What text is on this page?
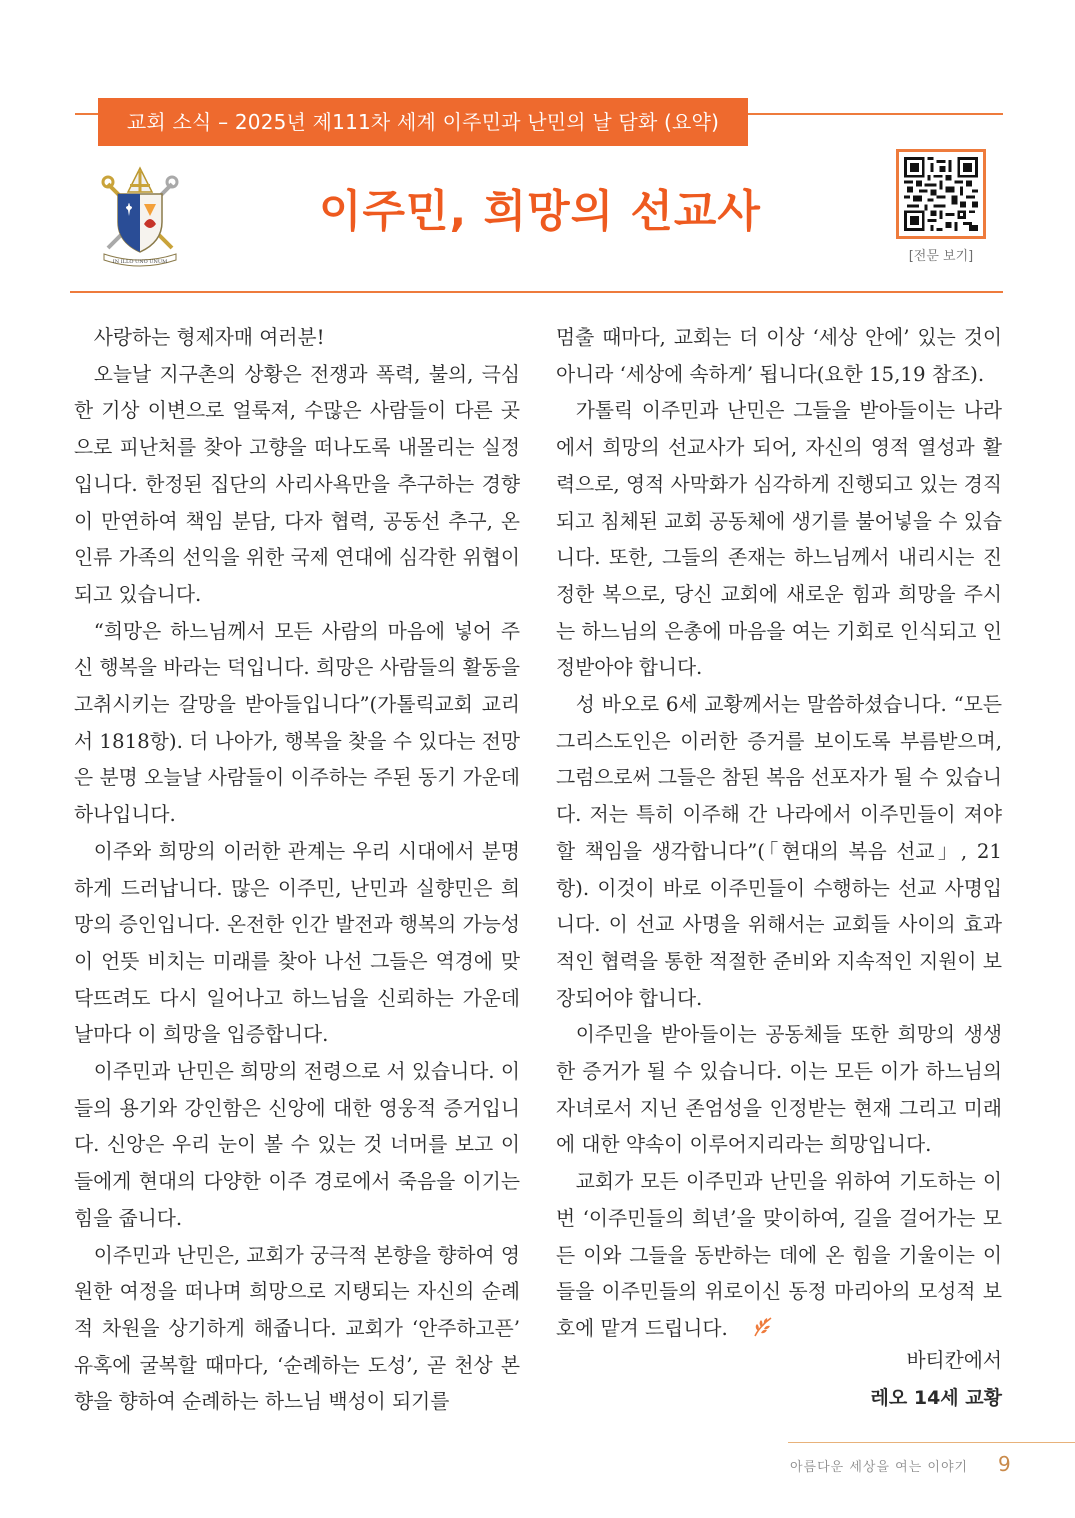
교회 소식 – 2025년 제111차 세계 이주민과 난민의 날 담화 (요약)
IN ILLO UNO UNUM
이주민, 희망의 선교사
[전문 보기]

사랑하는 형제자매 여러분!

오늘날 지구촌의 상황은 전쟁과 폭력, 불의, 극심한 기상 이변으로 얼룩져, 수많은 사람들이 다른 곳으로 피난처를 찾아 고향을 떠나도록 내몰리는 실정입니다. 한정된 집단의 사리사욕만을 추구하는 경향이 만연하여 책임 분담, 다자 협력, 공동선 추구, 온 인류 가족의 선익을 위한 국제 연대에 심각한 위협이 되고 있습니다.

“희망은 하느님께서 모든 사람의 마음에 넣어 주신 행복을 바라는 덕입니다. 희망은 사람들의 활동을 고취시키는 갈망을 받아들입니다”(가톨릭교회 교리서 1818항). 더 나아가, 행복을 찾을 수 있다는 전망은 분명 오늘날 사람들이 이주하는 주된 동기 가운데 하나입니다.

이주와 희망의 이러한 관계는 우리 시대에서 분명하게 드러납니다. 많은 이주민, 난민과 실향민은 희망의 증인입니다. 온전한 인간 발전과 행복의 가능성이 언뜻 비치는 미래를 찾아 나선 그들은 역경에 맞닥뜨려도 다시 일어나고 하느님을 신뢰하는 가운데 날마다 이 희망을 입증합니다.

이주민과 난민은 희망의 전령으로 서 있습니다. 이들의 용기와 강인함은 신앙에 대한 영웅적 증거입니다. 신앙은 우리 눈이 볼 수 있는 것 너머를 보고 이들에게 현대의 다양한 이주 경로에서 죽음을 이기는 힘을 줍니다.

이주민과 난민은, 교회가 궁극적 본향을 향하여 영원한 여정을 떠나며 희망으로 지탱되는 자신의 순례적 차원을 상기하게 해줍니다. 교회가 ‘안주하고픈’ 유혹에 굴복할 때마다, ‘순례하는 도성’, 곧 천상 본향을 향하여 순례하는 하느님 백성이 되기를

멈출 때마다, 교회는 더 이상 ‘세상 안에’ 있는 것이 아니라 ‘세상에 속하게’ 됩니다(요한 15,19 참조).

가톨릭 이주민과 난민은 그들을 받아들이는 나라에서 희망의 선교사가 되어, 자신의 영적 열성과 활력으로, 영적 사막화가 심각하게 진행되고 있는 경직되고 침체된 교회 공동체에 생기를 불어넣을 수 있습니다. 또한, 그들의 존재는 하느님께서 내리시는 진정한 복으로, 당신 교회에 새로운 힘과 희망을 주시는 하느님의 은총에 마음을 여는 기회로 인식되고 인정받아야 합니다.

성 바오로 6세 교황께서는 말씀하셨습니다. “모든 그리스도인은 이러한 증거를 보이도록 부름받으며, 그럼으로써 그들은 참된 복음 선포자가 될 수 있습니다. 저는 특히 이주해 간 나라에서 이주민들이 져야 할 책임을 생각합니다”(「현대의 복음 선교」, 21항). 이것이 바로 이주민들이 수행하는 선교 사명입니다. 이 선교 사명을 위해서는 교회들 사이의 효과적인 협력을 통한 적절한 준비와 지속적인 지원이 보장되어야 합니다.

이주민을 받아들이는 공동체들 또한 희망의 생생한 증거가 될 수 있습니다. 이는 모든 이가 하느님의 자녀로서 지닌 존엄성을 인정받는 현재 그리고 미래에 대한 약속이 이루어지리라는 희망입니다.

교회가 모든 이주민과 난민을 위하여 기도하는 이번 ‘이주민들의 희년’을 맞이하여, 길을 걸어가는 모든 이와 그들을 동반하는 데에 온 힘을 기울이는 이들을 이주민들의 위로이신 동정 마리아의 모성적 보호에 맡겨 드립니다.

바티칸에서
레오 14세 교황
아름다운 세상을 여는 이야기	9
